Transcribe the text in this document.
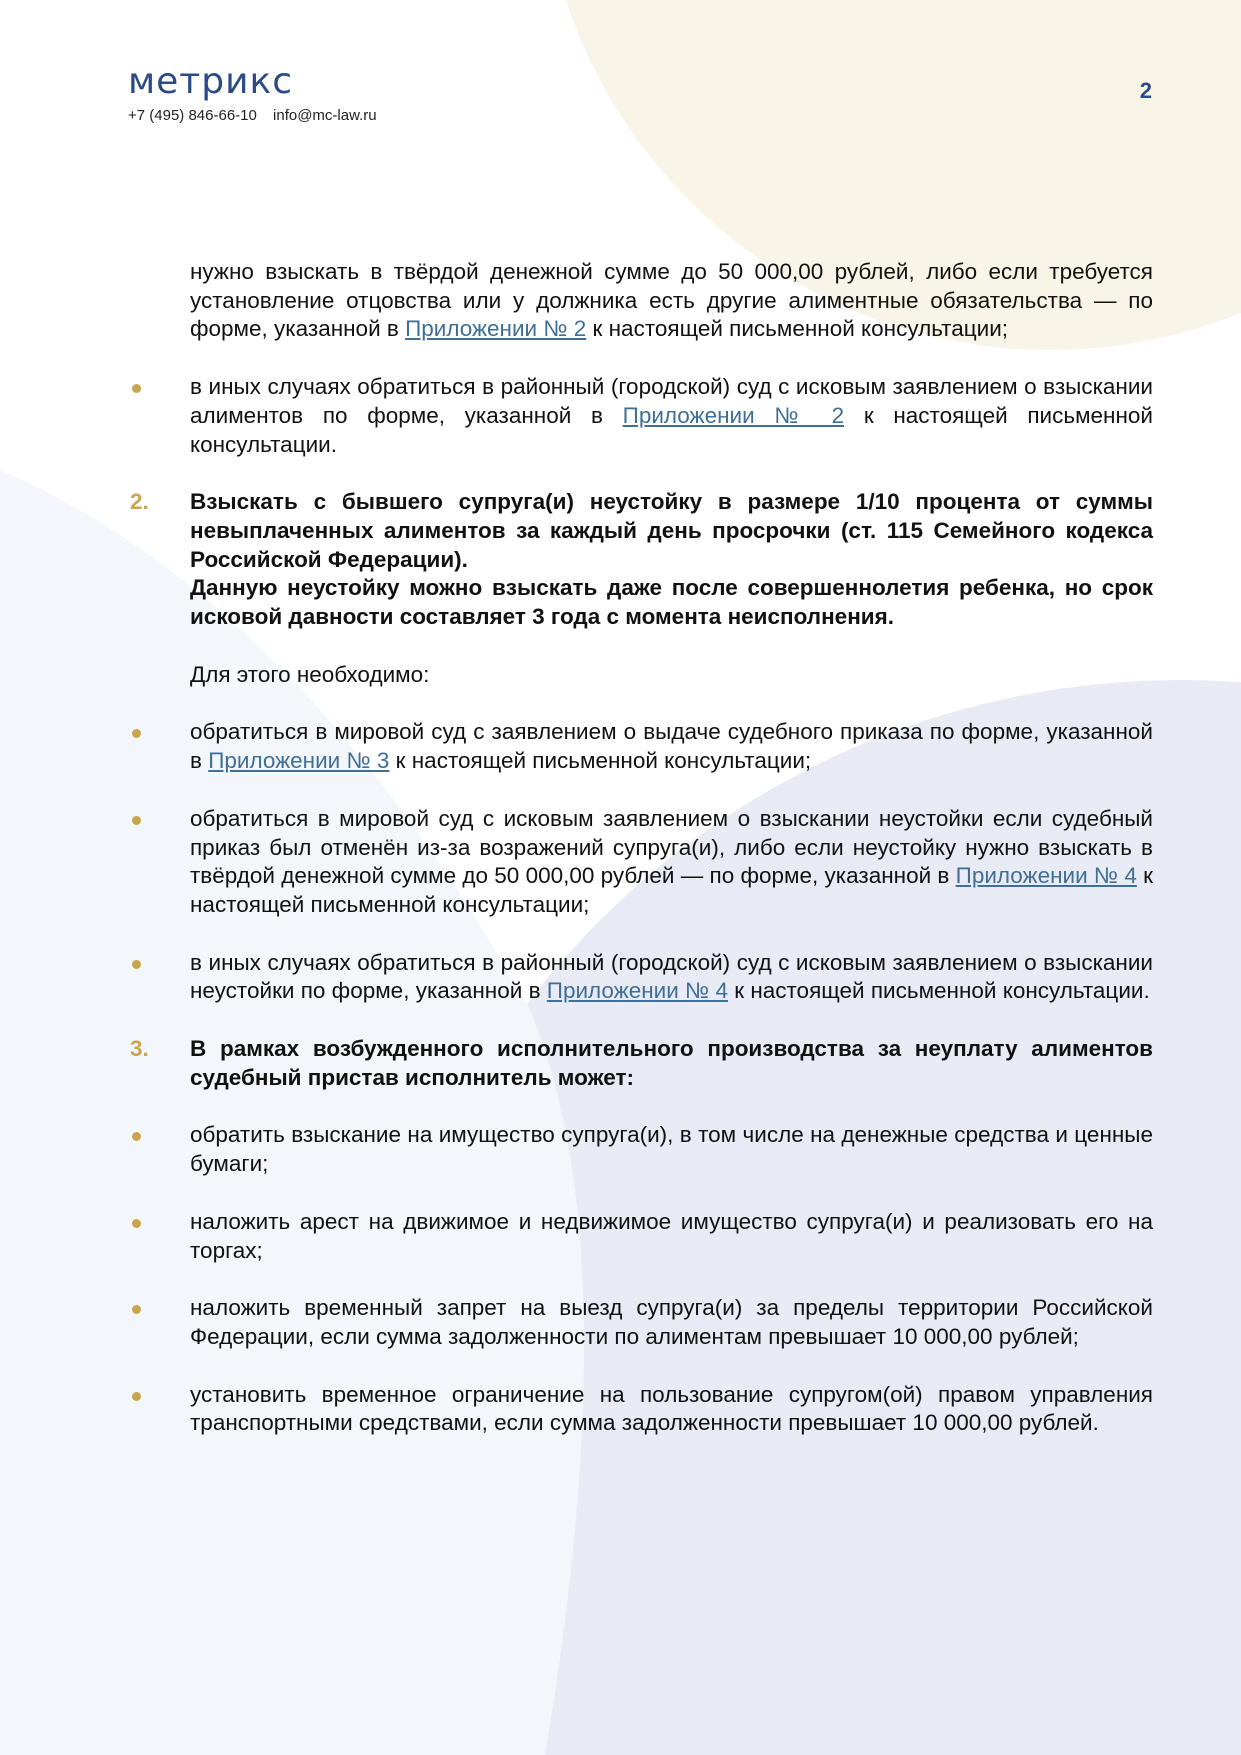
метрикс
+7 (495) 846-66-10 info@mc-law.ru
2
нужно взыскать в твёрдой денежной сумме до 50 000,00 рублей, либо если требуется установление отцовства или у должника есть другие алиментные обязательства — по форме, указанной в Приложении № 2 к настоящей письменной консультации;
в иных случаях обратиться в районный (городской) суд с исковым заявлением о взыскании алиментов по форме, указанной в Приложении № 2 к настоящей письменной консультации.
2. Взыскать с бывшего супруга(и) неустойку в размере 1/10 процента от суммы невыплаченных алиментов за каждый день просрочки (ст. 115 Семейного кодекса Российской Федерации).
Данную неустойку можно взыскать даже после совершеннолетия ребенка, но срок исковой давности составляет 3 года с момента неисполнения.
Для этого необходимо:
обратиться в мировой суд с заявлением о выдаче судебного приказа по форме, указанной в Приложении № 3 к настоящей письменной консультации;
обратиться в мировой суд с исковым заявлением о взыскании неустойки если судебный приказ был отменён из-за возражений супруга(и), либо если неустойку нужно взыскать в твёрдой денежной сумме до 50 000,00 рублей — по форме, указанной в Приложении № 4 к настоящей письменной консультации;
в иных случаях обратиться в районный (городской) суд с исковым заявлением о взыскании неустойки по форме, указанной в Приложении № 4 к настоящей письменной консультации.
3. В рамках возбужденного исполнительного производства за неуплату алиментов судебный пристав исполнитель может:
обратить взыскание на имущество супруга(и), в том числе на денежные средства и ценные бумаги;
наложить арест на движимое и недвижимое имущество супруга(и) и реализовать его на торгах;
наложить временный запрет на выезд супруга(и) за пределы территории Российской Федерации, если сумма задолженности по алиментам превышает 10 000,00 рублей;
установить временное ограничение на пользование супругом(ой) правом управления транспортными средствами, если сумма задолженности превышает 10 000,00 рублей.
